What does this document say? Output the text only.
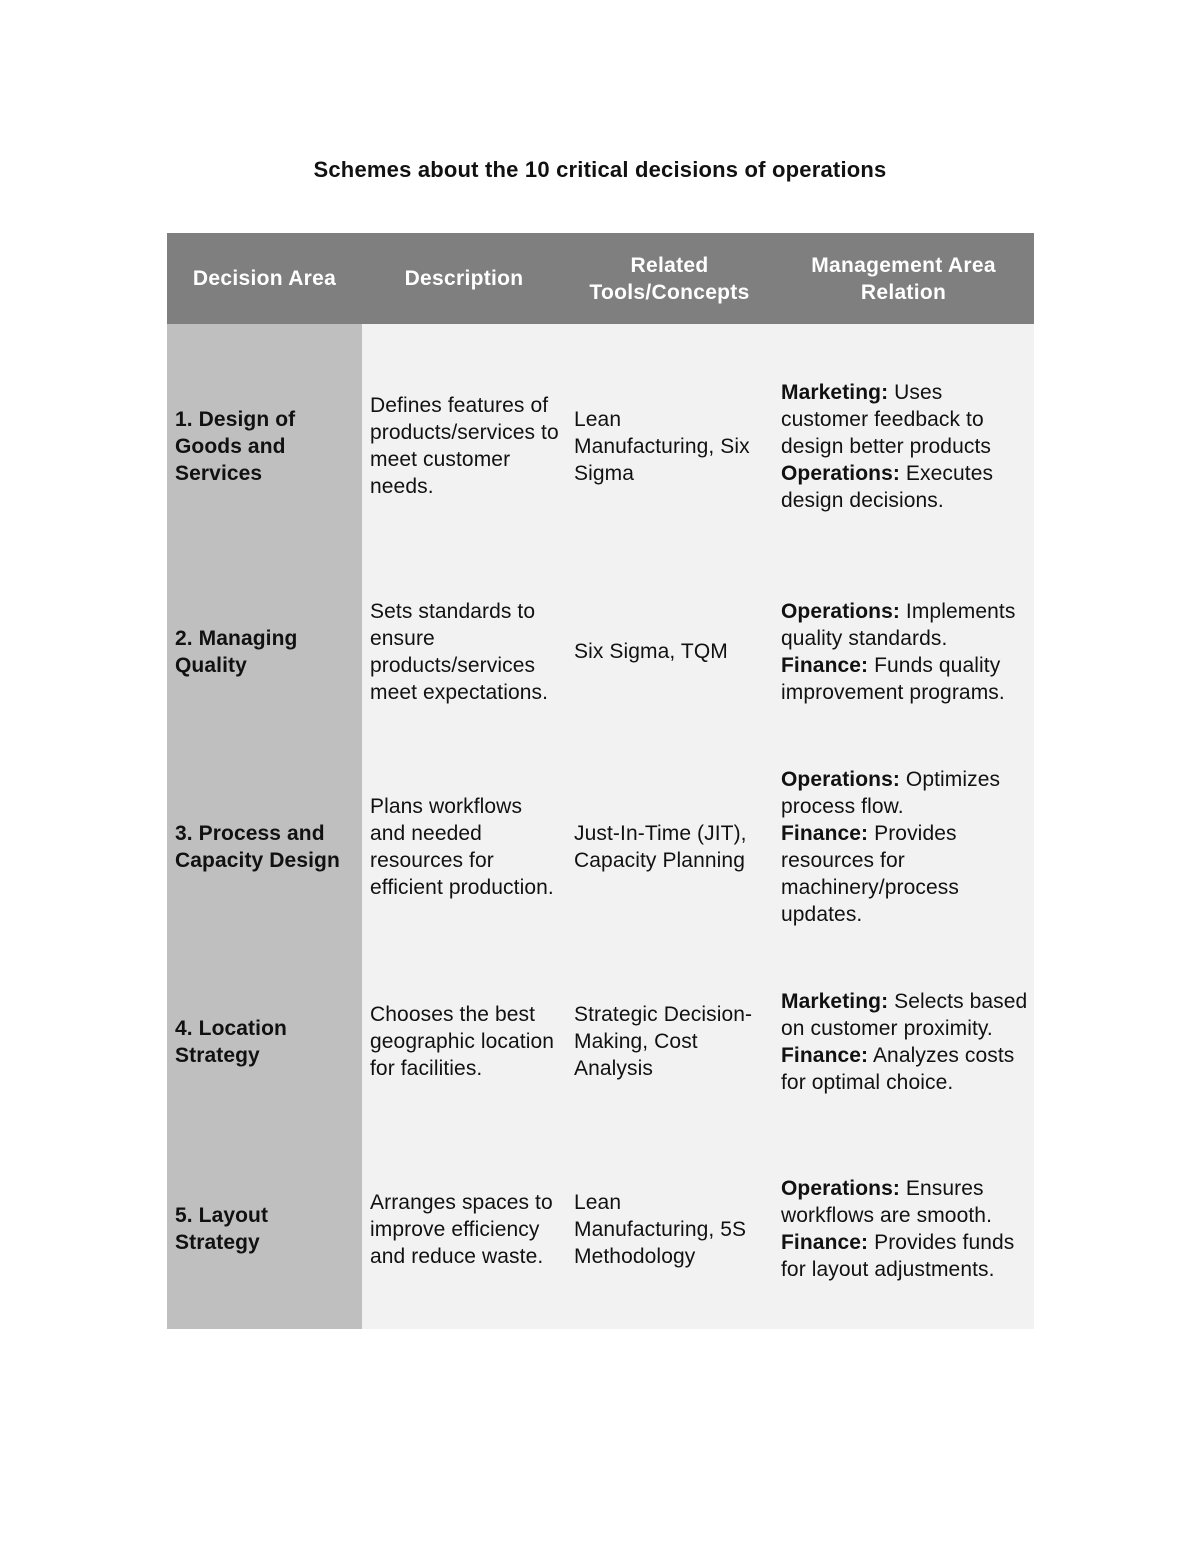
Schemes about the 10 critical decisions of operations
Decision Area	Description	Related Tools/Concepts	Management Area Relation
1. Design of Goods and Services	Defines features of products/services to meet customer needs.	Lean Manufacturing, Six Sigma	Marketing: Uses customer feedback to design better products
Operations: Executes design decisions.
2. Managing Quality	Sets standards to ensure products/services meet expectations.	Six Sigma, TQM	Operations: Implements quality standards.
Finance: Funds quality improvement programs.
3. Process and Capacity Design	Plans workflows and needed resources for efficient production.	Just-In-Time (JIT), Capacity Planning	Operations: Optimizes process flow.
Finance: Provides resources for machinery/process updates.
4. Location Strategy	Chooses the best geographic location for facilities.	Strategic Decision-Making, Cost Analysis	Marketing: Selects based on customer proximity.
Finance: Analyzes costs for optimal choice.
5. Layout Strategy	Arranges spaces to improve efficiency and reduce waste.	Lean Manufacturing, 5S Methodology	Operations: Ensures workflows are smooth.
Finance: Provides funds for layout adjustments.
